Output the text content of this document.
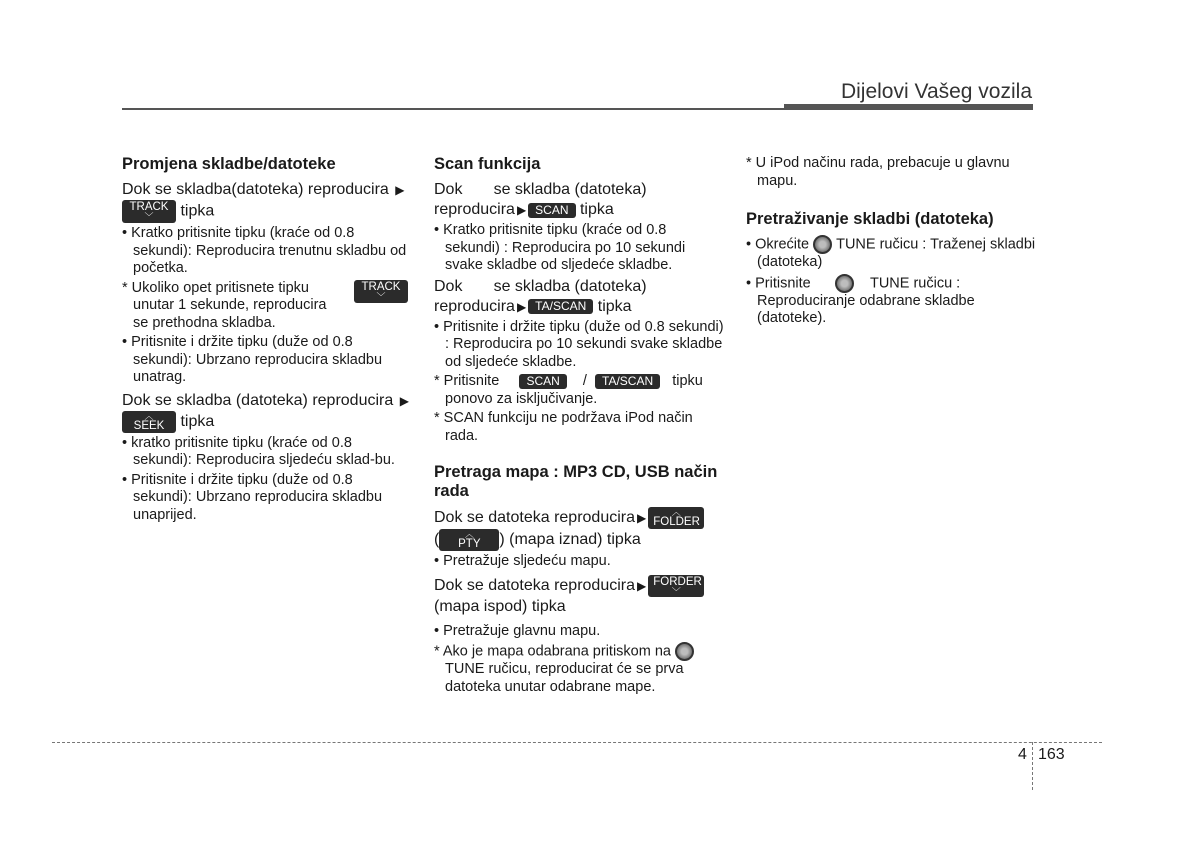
Dijelovi Vašeg vozila
Promjena skladbe/datoteke

Dok se skladba(datoteka) reproducira ▶

TRACK
﹀	tipka

• Kratko pritisnite tipku (kraće od 0.8 sekundi): Reproducira trenutnu skladbu od početka.

* Ukoliko opet pritisnete tipku unutar 1 sekunde, reproducira se prethodna skladba.

TRACK
﹀

• Pritisnite i držite tipku (duže od 0.8 sekundi): Ubrzano reproducira skladbu unatrag.

Dok se skladba (datoteka) reproducira ▶

︿
SEEK	tipka

• kratko pritisnite tipku (kraće od 0.8 sekundi): Reproducira sljedeću sklad-bu.

• Pritisnite i držite tipku (duže od 0.8 sekundi): Ubrzano reproducira skladbu unaprijed.

Scan funkcija

Dok se skladba (datoteka)
reproducira ▶ SCAN tipka

• Kratko pritisnite tipku (kraće od 0.8 sekundi) : Reproducira po 10 sekundi svake skladbe od sljedeće skladbe.

Dok se skladba (datoteka)
reproducira ▶ TA/SCAN tipka

• Pritisnite i držite tipku (duže od 0.8 sekundi) : Reproducira po 10 sekundi svake skladbe od sljedeće skladbe.

* Pritisnite SCAN / TA/SCAN tipku ponovo za isključivanje.

* SCAN funkciju ne podržava iPod način rada.

Pretraga mapa : MP3 CD, USB način rada

Dok se datoteka reproducira ▶	︿
FOLDER

(	︿
PTY	) (mapa iznad) tipka

• Pretražuje sljedeću mapu.

Dok se datoteka reproducira ▶ FORDER
﹀

(mapa ispod) tipka

• Pretražuje glavnu mapu.

* Ako je mapa odabrana pritiskom na TUNE ručicu, reproducirat će se prva datoteka unutar odabrane mape.

* U iPod načinu rada, prebacuje u glavnu mapu.

Pretraživanje skladbi (datoteka)

• Okrećite TUNE ručicu : Traženej skladbi (datoteka)

• Pritisnite	TUNE ručicu : Reproduciranje odabrane skladbe (datoteke).

4 163
